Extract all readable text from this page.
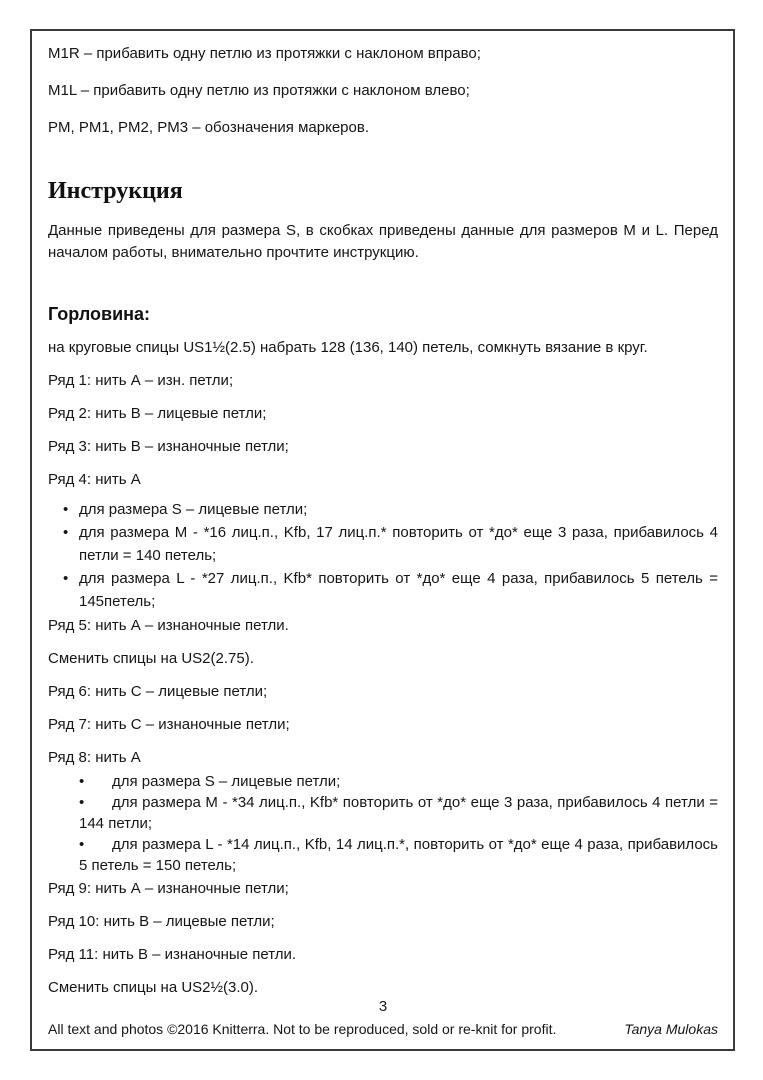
M1R – прибавить одну петлю из протяжки с наклоном вправо;

M1L – прибавить одну петлю из протяжки с наклоном влево;

PM, PM1, PM2, PM3 – обозначения маркеров.

Инструкция

Данные приведены для размера S, в скобках приведены данные для размеров M и L. Перед началом работы, внимательно прочтите инструкцию.

Горловина:

на круговые спицы US1½(2.5) набрать 128 (136, 140) петель, сомкнуть вязание в круг.

Ряд 1: нить А – изн. петли;

Ряд 2: нить В – лицевые петли;

Ряд 3: нить В – изнаночные петли;

Ряд 4: нить А

• для размера S – лицевые петли;
• для размера М - *16 лиц.п., Kfb, 17 лиц.п.* повторить от *до* еще 3 раза, прибавилось 4 петли = 140 петель;
• для размера L - *27 лиц.п., Kfb* повторить от *до* еще 4 раза, прибавилось 5 петель = 145петель;

Ряд 5: нить А – изнаночные петли.

Сменить спицы на US2(2.75).

Ряд 6: нить С – лицевые петли;

Ряд 7: нить С – изнаночные петли;

Ряд 8: нить А

• для размера S – лицевые петли;
• для размера М - *34 лиц.п., Kfb* повторить от *до* еще 3 раза, прибавилось 4 петли = 144 петли;
• для размера L - *14 лиц.п., Kfb, 14 лиц.п.*, повторить от *до* еще 4 раза, прибавилось 5 петель = 150 петель;

Ряд 9: нить А – изнаночные петли;

Ряд 10: нить В – лицевые петли;

Ряд 11: нить В – изнаночные петли.

Сменить спицы на US2½(3.0).

3
All text and photos ©2016 Knitterra. Not to be reproduced, sold or re-knit for profit.	Tanya Mulokas
